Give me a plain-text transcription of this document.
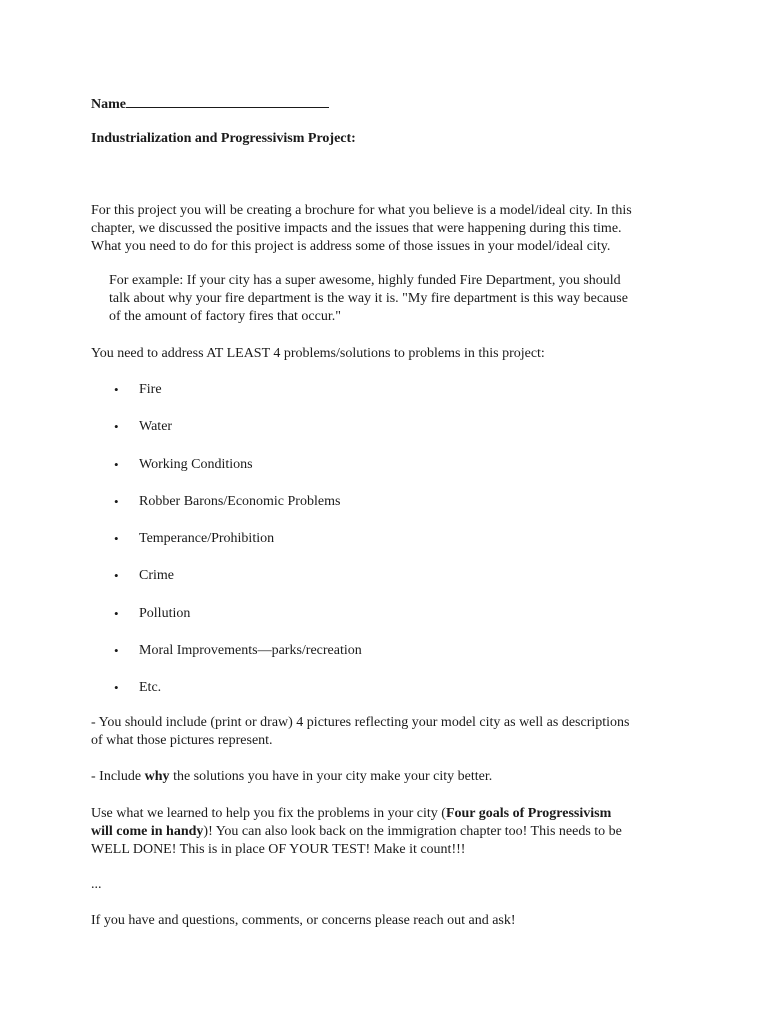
Name

Industrialization and Progressivism Project:

For this project you will be creating a brochure for what you believe is a model/ideal city. In this
chapter, we discussed the positive impacts and the issues that were happening during this time.
What you need to do for this project is address some of those issues in your model/ideal city.
For example: If your city has a super awesome, highly funded Fire Department, you should
talk about why your fire department is the way it is. "My fire department is this way because
of the amount of factory fires that occur."

You need to address AT LEAST 4 problems/solutions to problems in this project:

• Fire
• Water
• Working Conditions
• Robber Barons/Economic Problems
• Temperance/Prohibition
• Crime
• Pollution
• Moral Improvements—parks/recreation
• Etc.
- You should include (print or draw) 4 pictures reflecting your model city as well as descriptions
of what those pictures represent.

- Include why the solutions you have in your city make your city better.

Use what we learned to help you fix the problems in your city (Four goals of Progressivism
will come in handy)! You can also look back on the immigration chapter too! This needs to be
WELL DONE! This is in place OF YOUR TEST! Make it count!!!

...

If you have and questions, comments, or concerns please reach out and ask!
